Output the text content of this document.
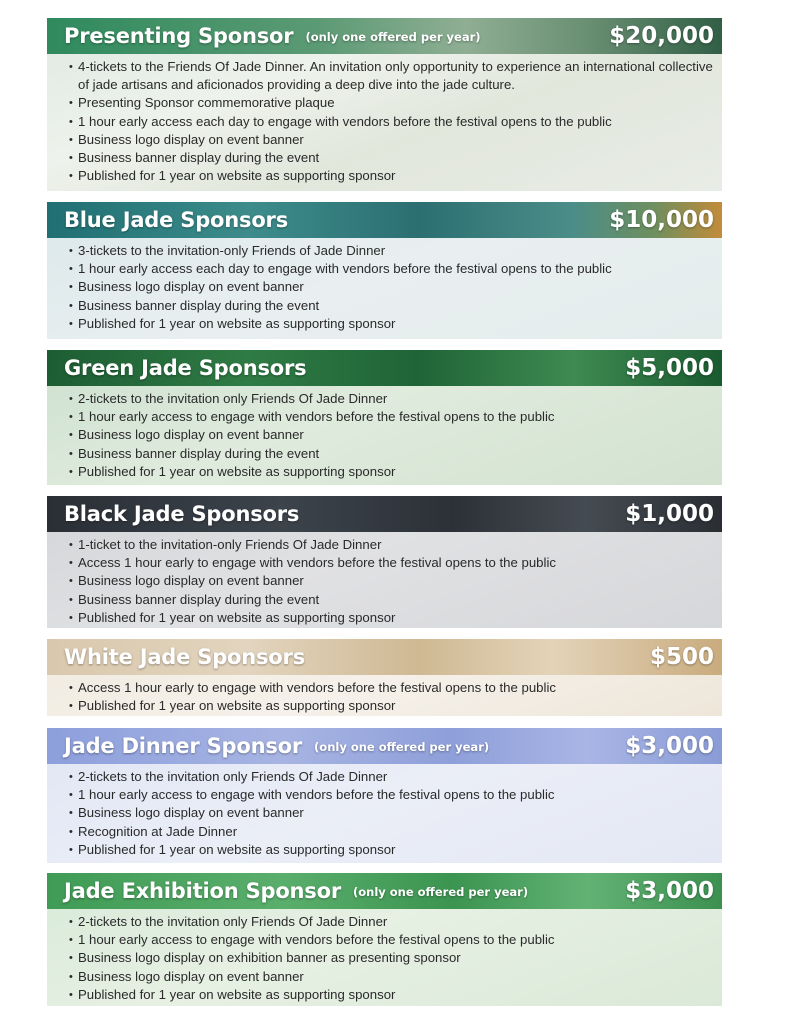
Presenting Sponsor (only one offered per year)	$20,000
• 4-tickets to the Friends Of Jade Dinner. An invitation only opportunity to experience an international collective of jade artisans and aficionados providing a deep dive into the jade culture.
• Presenting Sponsor commemorative plaque
• 1 hour early access each day to engage with vendors before the festival opens to the public
• Business logo display on event banner
• Business banner display during the event
• Published for 1 year on website as supporting sponsor
Blue Jade Sponsors	$10,000
• 3-tickets to the invitation-only Friends of Jade Dinner
• 1 hour early access each day to engage with vendors before the festival opens to the public
• Business logo display on event banner
• Business banner display during the event
• Published for 1 year on website as supporting sponsor
Green Jade Sponsors	$5,000
• 2-tickets to the invitation only Friends Of Jade Dinner
• 1 hour early access to engage with vendors before the festival opens to the public
• Business logo display on event banner
• Business banner display during the event
• Published for 1 year on website as supporting sponsor
Black Jade Sponsors	$1,000
• 1-ticket to the invitation-only Friends Of Jade Dinner
• Access 1 hour early to engage with vendors before the festival opens to the public
• Business logo display on event banner
• Business banner display during the event
• Published for 1 year on website as supporting sponsor
White Jade Sponsors	$500
• Access 1 hour early to engage with vendors before the festival opens to the public
• Published for 1 year on website as supporting sponsor
Jade Dinner Sponsor (only one offered per year)	$3,000
• 2-tickets to the invitation only Friends Of Jade Dinner
• 1 hour early access to engage with vendors before the festival opens to the public
• Business logo display on event banner
• Recognition at Jade Dinner
• Published for 1 year on website as supporting sponsor
Jade Exhibition Sponsor (only one offered per year)	$3,000
• 2-tickets to the invitation only Friends Of Jade Dinner
• 1 hour early access to engage with vendors before the festival opens to the public
• Business logo display on exhibition banner as presenting sponsor
• Business logo display on event banner
• Published for 1 year on website as supporting sponsor
